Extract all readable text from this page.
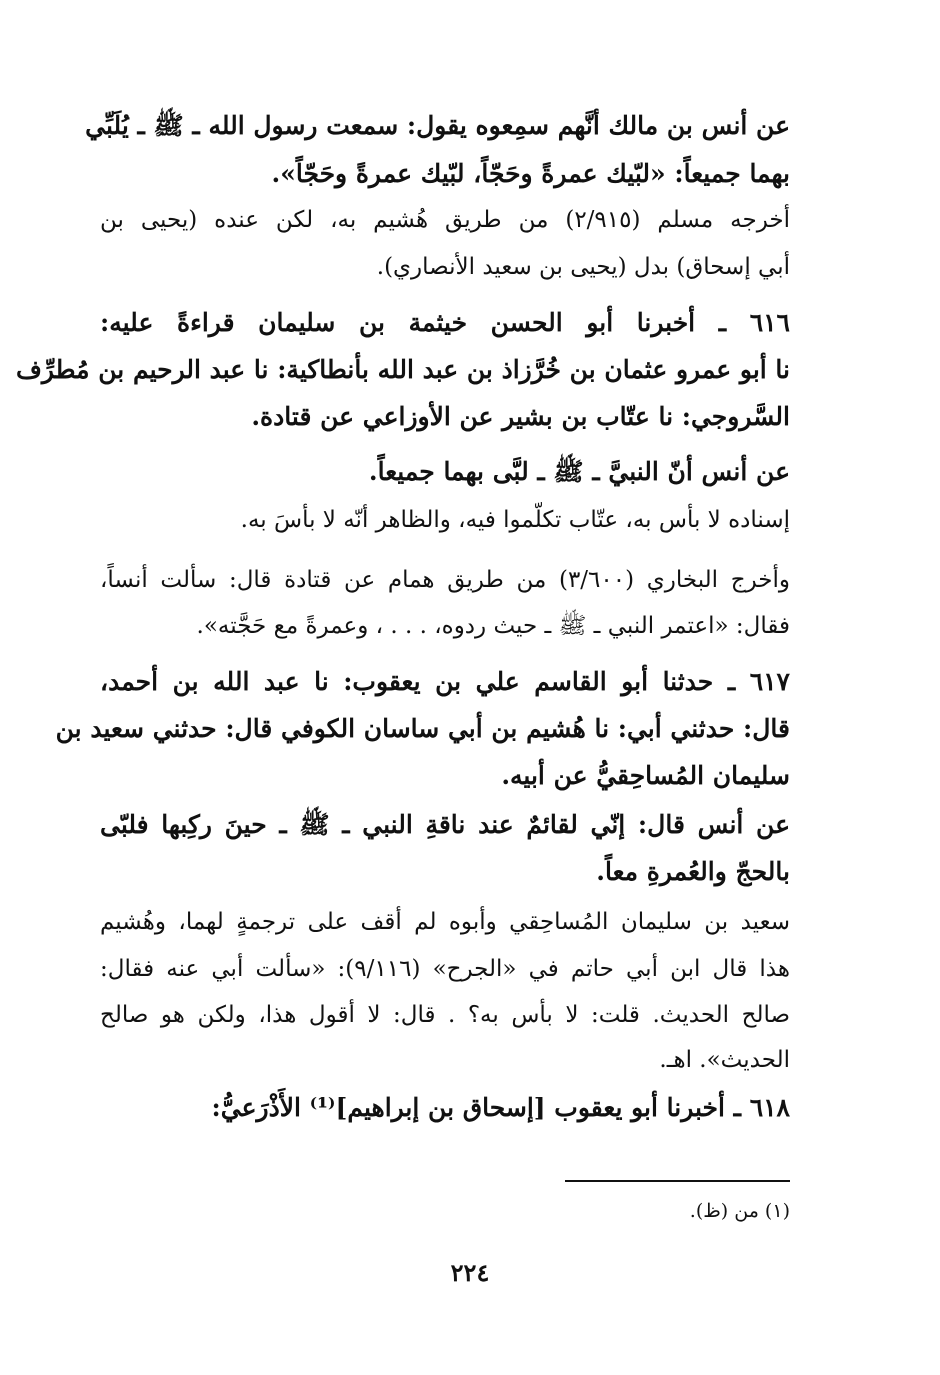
عن أنس بن مالك أنَّهم سمِعوه يقول: سمعت رسول الله ـ ﷺ ـ يُلَبِّي
بهما جميعاً: «لبّيك عمرةً وحَجّاً، لبّيك عمرةً وحَجّاً».
أخرجه مسلم (٢/٩١٥) من طريق هُشيم به، لكن عنده (يحيى بن
أبي إسحاق) بدل (يحيى بن سعيد الأنصاري).
٦١٦ ـ أخبرنا أبو الحسن خيثمة بن سليمان قراءةً عليه:
نا أبو عمرو عثمان بن خُرَّزاذ بن عبد الله بأنطاكية: نا عبد الرحيم بن مُطرِّف
السَّروجي: نا عتّاب بن بشير عن الأوزاعي عن قتادة.
عن أنس أنّ النبيَّ ـ ﷺ ـ لبَّى بهما جميعاً.
إسناده لا بأس به، عتّاب تكلّموا فيه، والظاهر أنّه لا بأسَ به.
وأخرج البخاري (٣/٦٠٠) من طريق همام عن قتادة قال: سألت أنساً،
فقال: «اعتمر النبي ـ ﷺ ـ حيث ردوه، . . . ، وعمرةً مع حَجَّته».
٦١٧ ـ حدثنا أبو القاسم علي بن يعقوب: نا عبد الله بن أحمد،
قال: حدثني أبي: نا هُشيم بن أبي ساسان الكوفي قال: حدثني سعيد بن
سليمان المُساحِقيُّ عن أبيه.
عن أنس قال: إنّي لقائمٌ عند ناقةِ النبي ـ ﷺ ـ حينَ ركِبها فلبّى
بالحجّ والعُمرةِ معاً.
سعيد بن سليمان المُساحِقي وأبوه لم أقف على ترجمةٍ لهما، وهُشيم
هذا قال ابن أبي حاتم في «الجرح» (٩/١١٦): «سألت أبي عنه فقال:
صالح الحديث. قلت: لا بأس به؟ . قال: لا أقول هذا، ولكن هو صالح
الحديث». اهـ.
٦١٨ ـ أخبرنا أبو يعقوب [إسحاق بن إبراهيم]⁽¹⁾ الأَذْرَعيُّ:
(١) من (ظ).
٢٢٤
